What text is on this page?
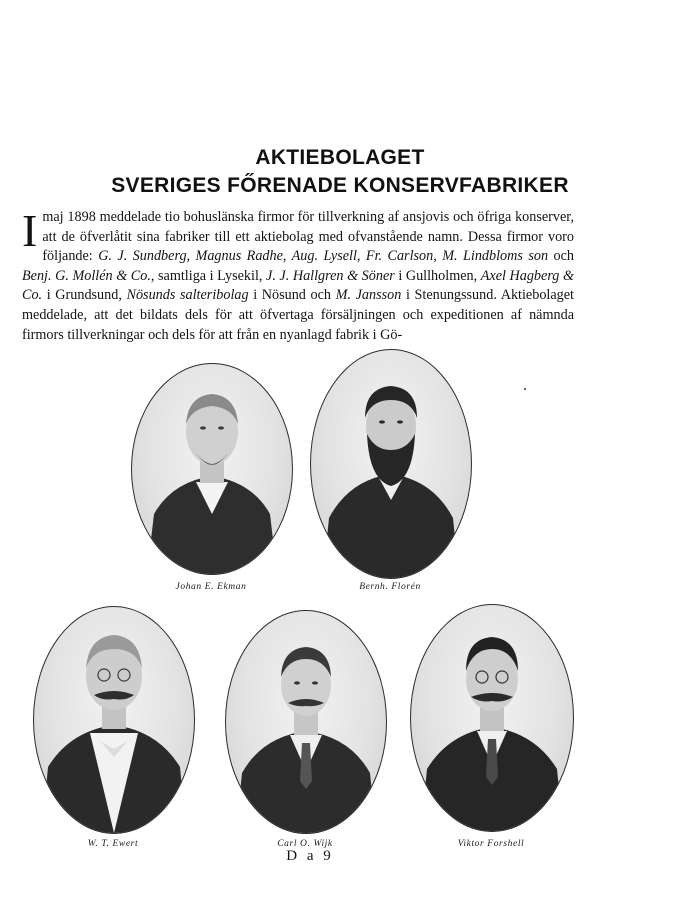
AKTIEBOLAGET
SVERIGES FŐRENADE KONSERVFABRIKER

I maj 1898 meddelade tio bohuslänska firmor för tillverkning af ansjovis och öfriga konserver, att de öfverlåtit sina fabriker till ett aktiebolag med ofvanstående namn. Dessa firmor voro följande: G. J. Sundberg, Magnus Radhe, Aug. Lysell, Fr. Carlson, M. Lindbloms son och Benj. G. Mollén & Co., samtliga i Lysekil, J. J. Hallgren & Söner i Gullholmen, Axel Hagberg & Co. i Grundsund, Nösunds salteribolag i Nösund och M. Jansson i Stenungssund. Aktiebolaget meddelade, att det bildats dels för att öfvertaga försäljningen och expeditionen af nämnda firmors tillverkningar och dels för att från en nyanlagd fabrik i Gö-

Johan E. Ekman	Bernh. Florén

W. T. Ewert	Carl O. Wijk	Viktor Forshell

D a 9
